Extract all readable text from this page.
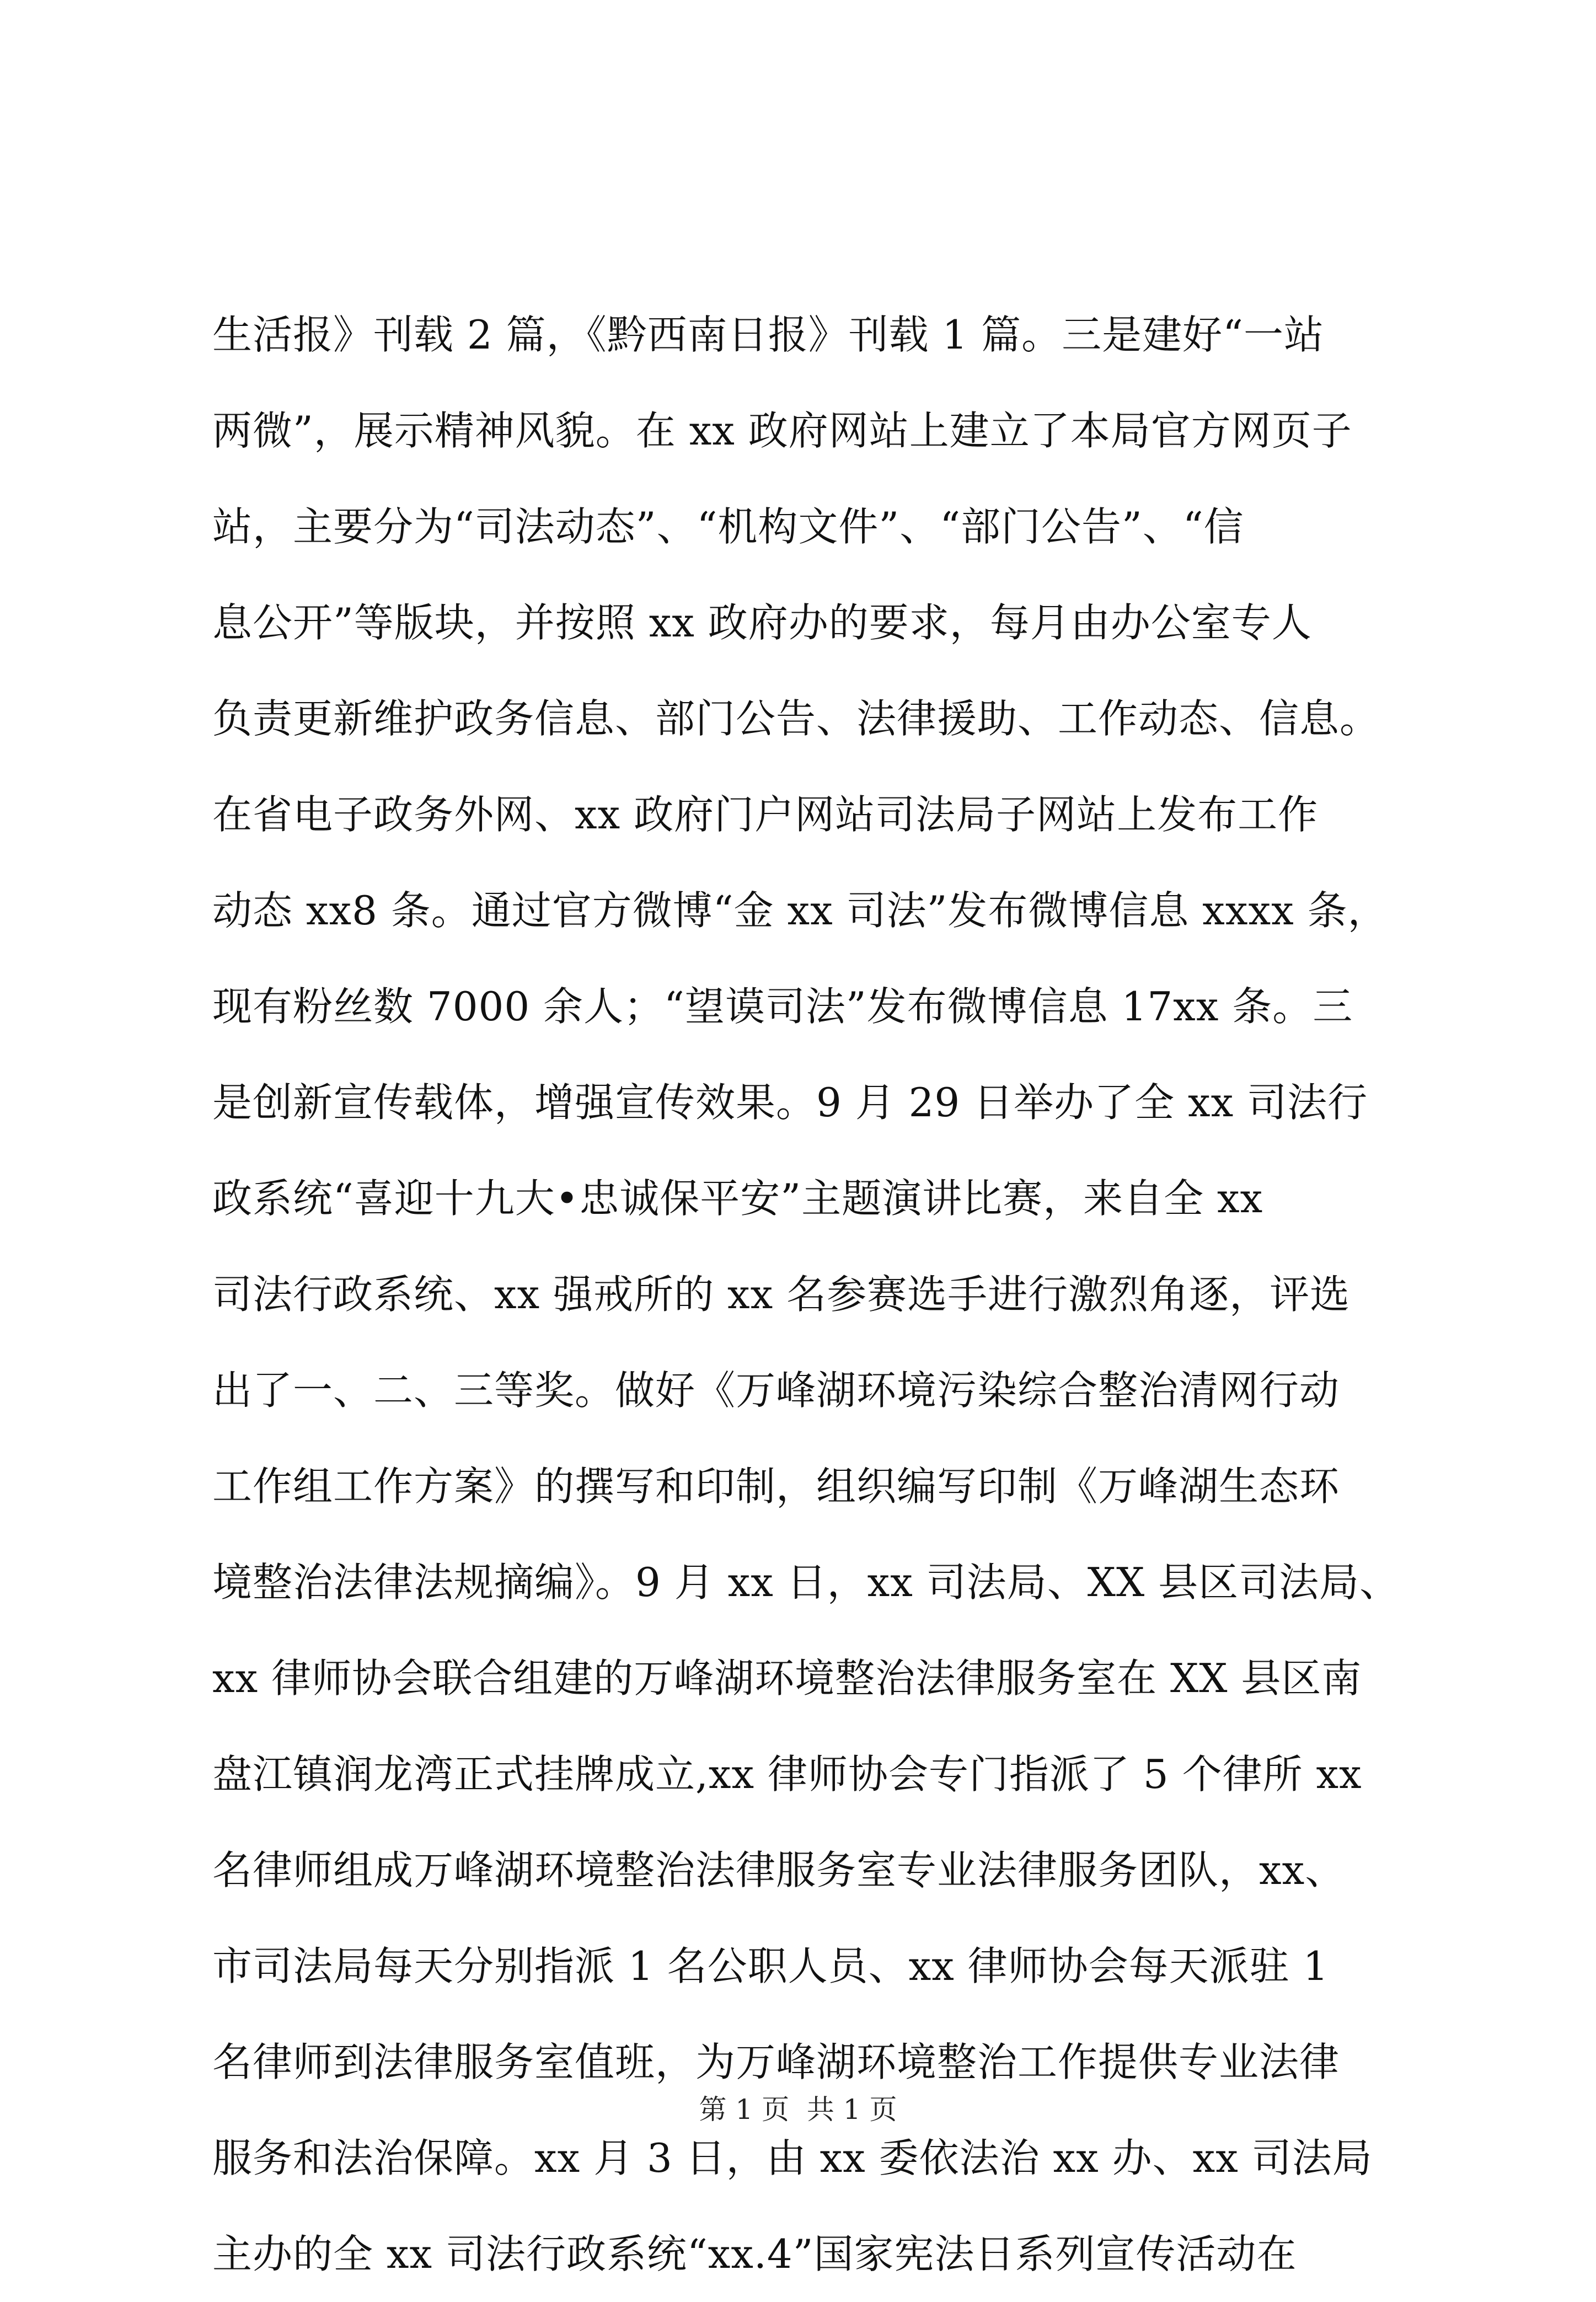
生活报》刊载 2 篇，《黔西南日报》刊载 1 篇。三是建好“一站
两微”，展示精神风貌。在 xx 政府网站上建立了本局官方网页子
站，主要分为“司法动态”、“机构文件”、“部门公告”、“信
息公开”等版块，并按照 xx 政府办的要求，每月由办公室专人
负责更新维护政务信息、部门公告、法律援助、工作动态、信息。
在省电子政务外网、xx 政府门户网站司法局子网站上发布工作
动态 xx8 条。通过官方微博“金 xx 司法”发布微博信息 xxxx 条，
现有粉丝数 7000 余人；“望谟司法”发布微博信息 17xx 条。三
是创新宣传载体，增强宣传效果。9 月 29 日举办了全 xx 司法行
政系统“喜迎十九大•忠诚保平安”主题演讲比赛，来自全 xx
司法行政系统、xx 强戒所的 xx 名参赛选手进行激烈角逐，评选
出了一、二、三等奖。做好《万峰湖环境污染综合整治清网行动
工作组工作方案》的撰写和印制，组织编写印制《万峰湖生态环
境整治法律法规摘编》。9 月 xx 日，xx 司法局、XX 县区司法局、
xx 律师协会联合组建的万峰湖环境整治法律服务室在 XX 县区南
盘江镇润龙湾正式挂牌成立,xx 律师协会专门指派了 5 个律所 xx
名律师组成万峰湖环境整治法律服务室专业法律服务团队，xx、
市司法局每天分别指派 1 名公职人员、xx 律师协会每天派驻 1
名律师到法律服务室值班，为万峰湖环境整治工作提供专业法律
服务和法治保障。xx 月 3 日，由 xx 委依法治 xx 办、xx 司法局
主办的全 xx 司法行政系统“xx.4”国家宪法日系列宣传活动在
第 1 页  共 1 页
